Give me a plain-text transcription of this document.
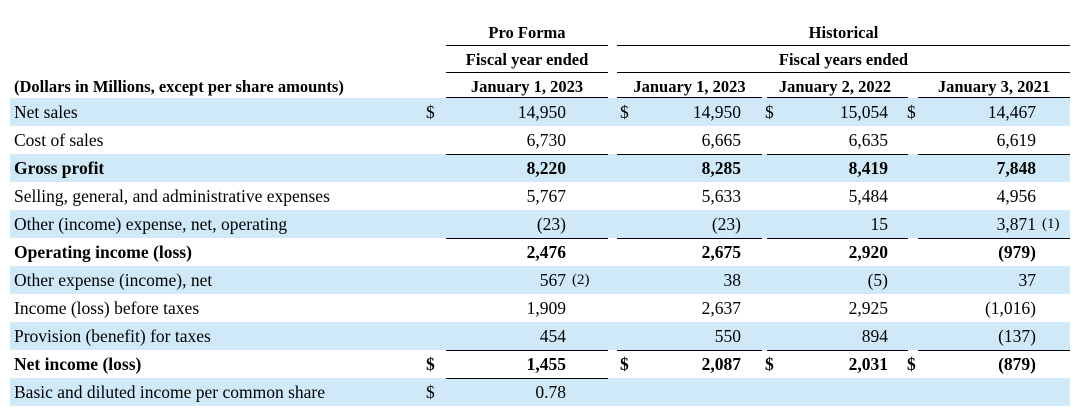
Pro Forma
Fiscal year ended
Historical
Fiscal years ended
(Dollars in Millions, except per share amounts)	January 1, 2023	January 1, 2023	January 2, 2022	January 3, 2021
Net sales	$	14,950	$	14,950 $	15,054 $	14,467
Cost of sales	6,730	6,665	6,635	6,619
Gross profit	8,220	8,285	8,419	7,848
Selling, general, and administrative expenses	5,767	5,633	5,484	4,956
Other (income) expense, net, operating	(23)	(23)	15	3,871 (1)
Operating income (loss)	2,476	2,675	2,920	(979)
Other expense (income), net	567 (2)	38	(5)	37
Income (loss) before taxes	1,909	2,637	2,925	(1,016)
Provision (benefit) for taxes	454	550	894	(137)
Net income (loss)	$	1,455	$	2,087 $	2,031 $	(879)
Basic and diluted income per common share	$	0.78
